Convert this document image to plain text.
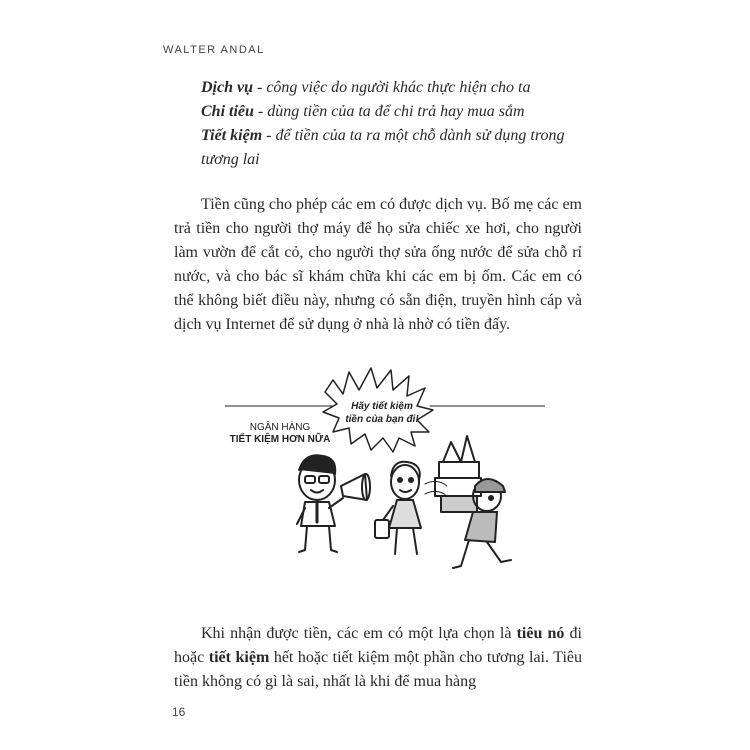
WALTER ANDAL
Dịch vụ - công việc do người khác thực hiện cho ta
Chi tiêu - dùng tiền của ta để chi trả hay mua sắm
Tiết kiệm - để tiền của ta ra một chỗ dành sử dụng trong
tương lai
Tiền cũng cho phép các em có được dịch vụ. Bố mẹ các em trả tiền cho người thợ máy để họ sửa chiếc xe hơi, cho người làm vườn để cắt cỏ, cho người thợ sửa ống nước để sửa chỗ rỉ nước, và cho bác sĩ khám chữa khi các em bị ốm. Các em có thể không biết điều này, nhưng có sẵn điện, truyền hình cáp và dịch vụ Internet để sử dụng ở nhà là nhờ có tiền đấy.
NGÂN HÀNG
TIẾT KIỆM HƠN NỮA
Hãy tiết kiệm
tiền của bạn đi!
Khi nhận được tiền, các em có một lựa chọn là tiêu nó đi hoặc tiết kiệm hết hoặc tiết kiệm một phần cho tương lai. Tiêu tiền không có gì là sai, nhất là khi để mua hàng
16
